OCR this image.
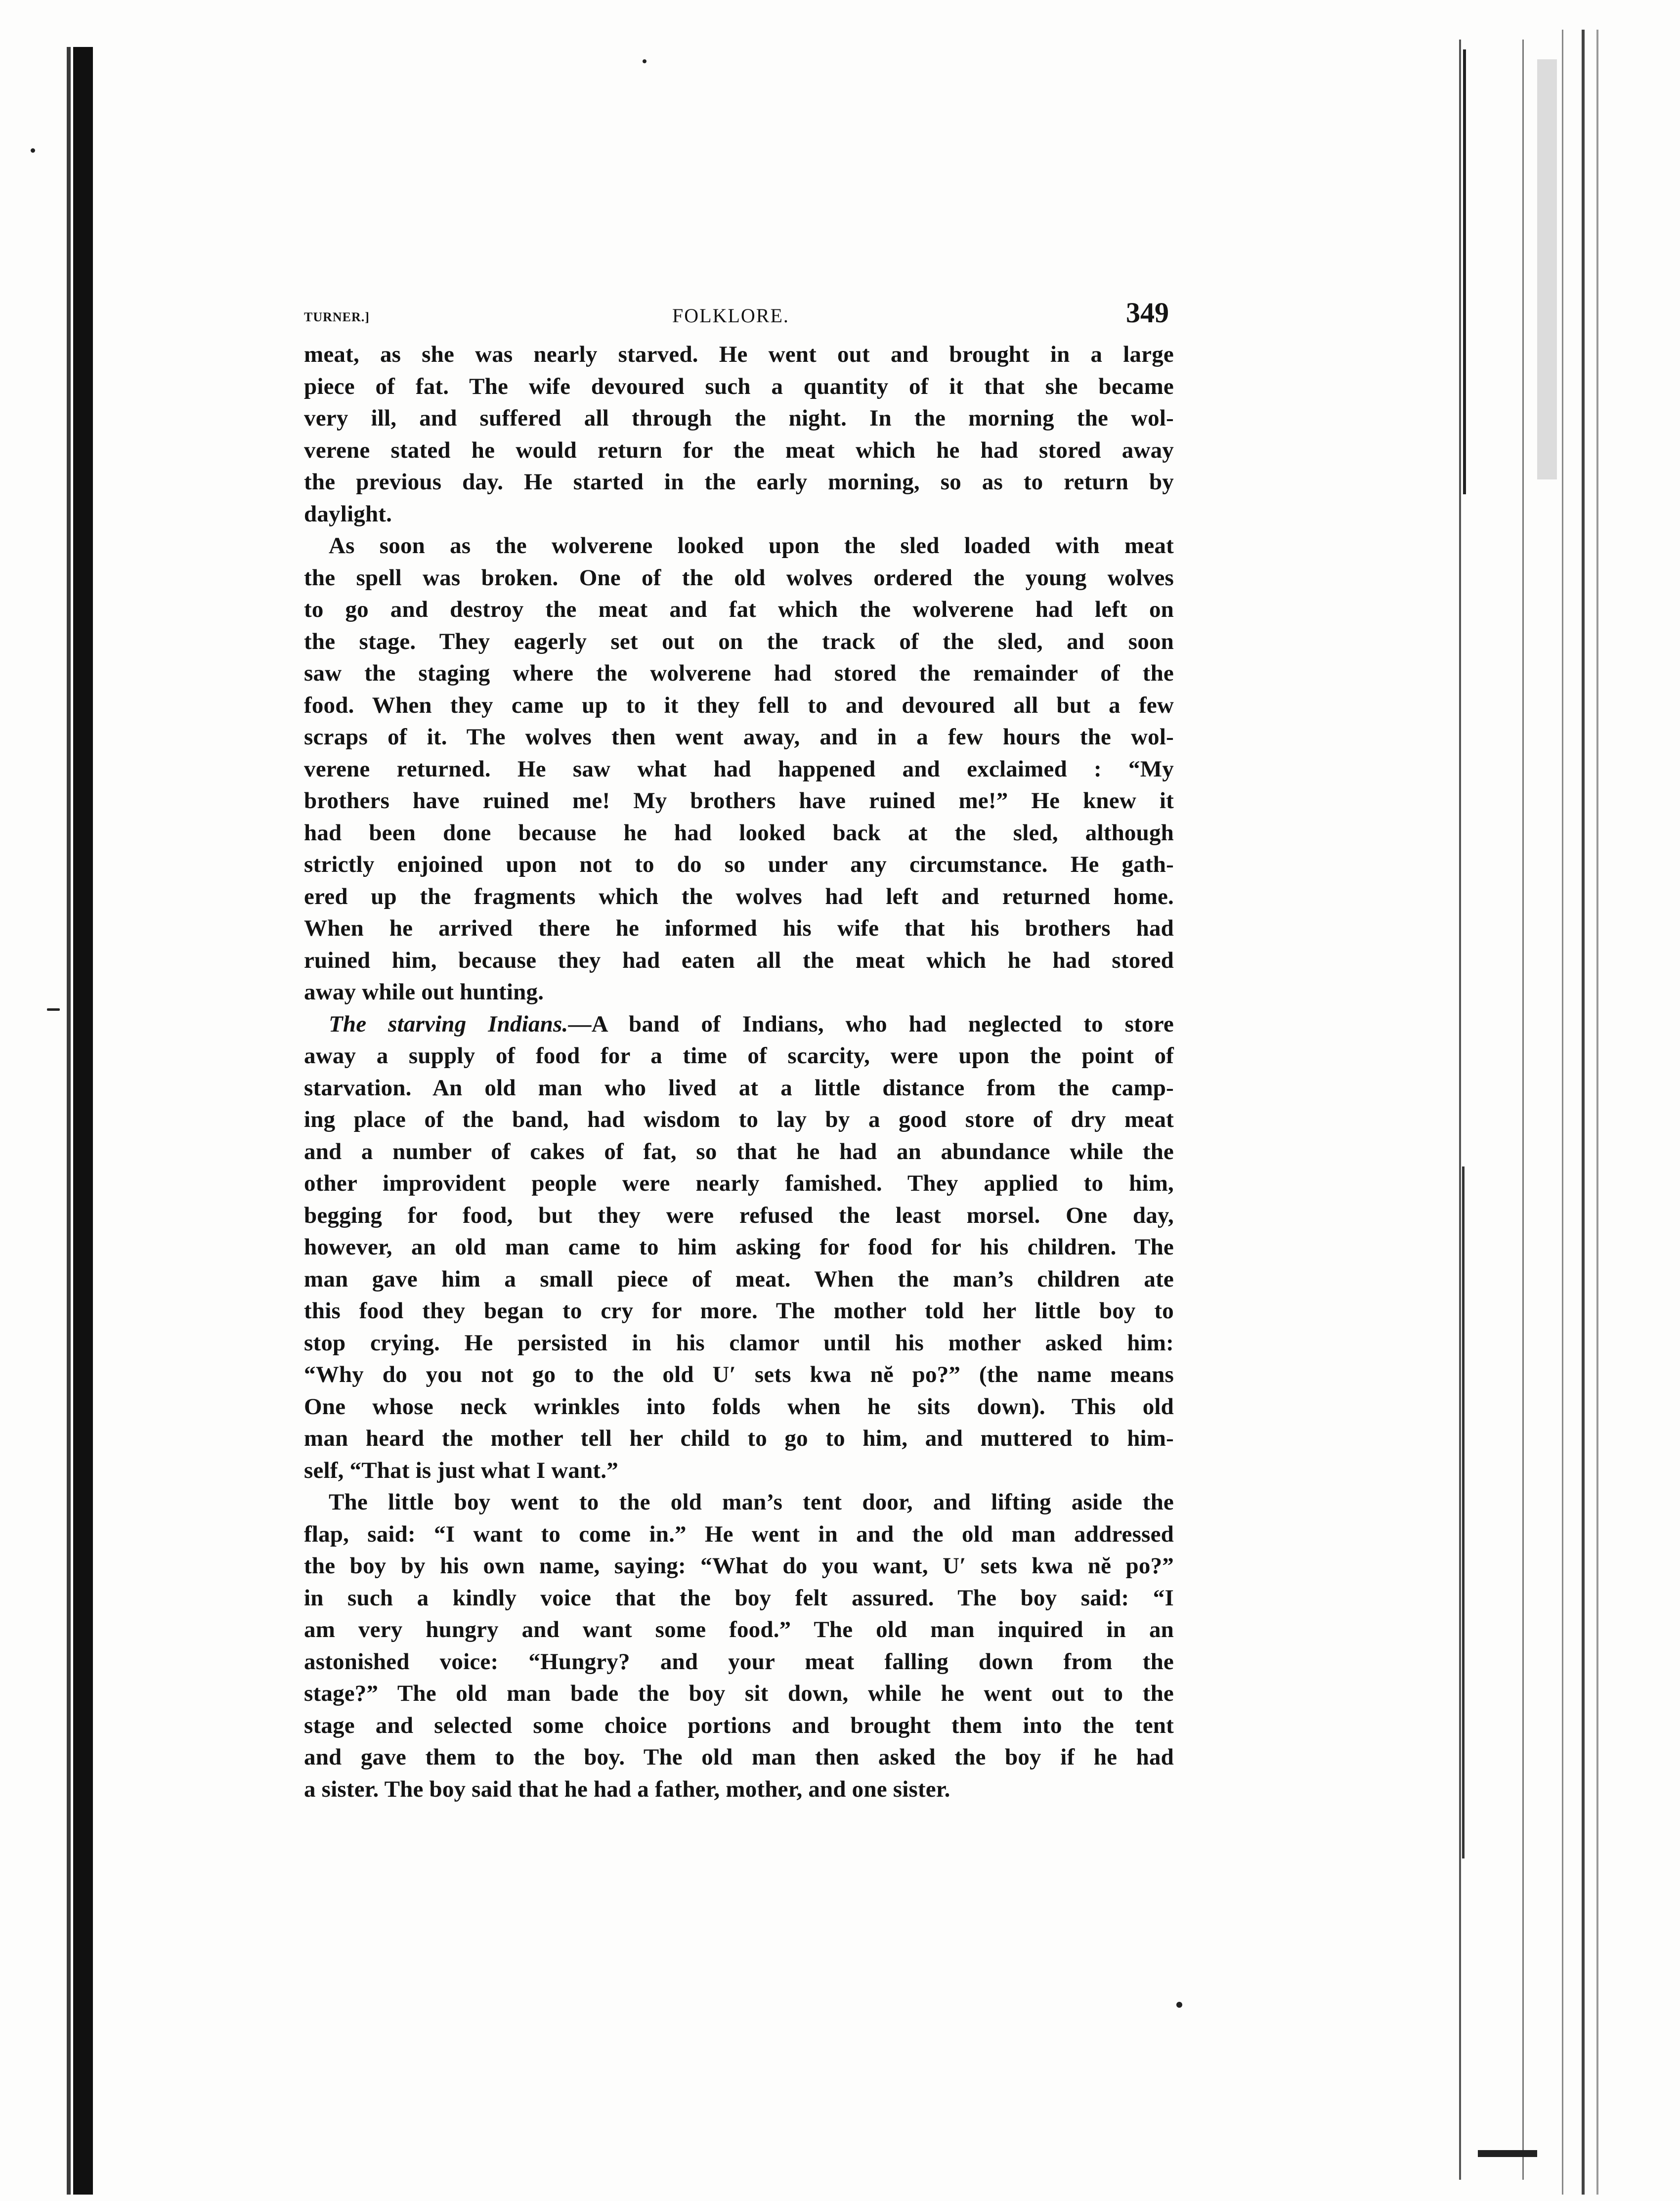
TURNER.]	FOLKLORE.	349
meat, as she was nearly starved. He went out and brought in a large
piece of fat. The wife devoured such a quantity of it that she became
very ill, and suffered all through the night. In the morning the wol-
verene stated he would return for the meat which he had stored away
the previous day. He started in the early morning, so as to return by
daylight.
As soon as the wolverene looked upon the sled loaded with meat
the spell was broken. One of the old wolves ordered the young wolves
to go and destroy the meat and fat which the wolverene had left on
the stage. They eagerly set out on the track of the sled, and soon
saw the staging where the wolverene had stored the remainder of the
food. When they came up to it they fell to and devoured all but a few
scraps of it. The wolves then went away, and in a few hours the wol-
verene returned. He saw what had happened and exclaimed : “My
brothers have ruined me! My brothers have ruined me!” He knew it
had been done because he had looked back at the sled, although
strictly enjoined upon not to do so under any circumstance. He gath-
ered up the fragments which the wolves had left and returned home.
When he arrived there he informed his wife that his brothers had
ruined him, because they had eaten all the meat which he had stored
away while out hunting.
The starving Indians.—A band of Indians, who had neglected to store
away a supply of food for a time of scarcity, were upon the point of
starvation. An old man who lived at a little distance from the camp-
ing place of the band, had wisdom to lay by a good store of dry meat
and a number of cakes of fat, so that he had an abundance while the
other improvident people were nearly famished. They applied to him,
begging for food, but they were refused the least morsel. One day,
however, an old man came to him asking for food for his children. The
man gave him a small piece of meat. When the man’s children ate
this food they began to cry for more. The mother told her little boy to
stop crying. He persisted in his clamor until his mother asked him:
“Why do you not go to the old U′ sets kwa nĕ po?” (the name means
One whose neck wrinkles into folds when he sits down). This old
man heard the mother tell her child to go to him, and muttered to him-
self, “That is just what I want.”
The little boy went to the old man’s tent door, and lifting aside the
flap, said: “I want to come in.” He went in and the old man addressed
the boy by his own name, saying: “What do you want, U′ sets kwa nĕ po?”
in such a kindly voice that the boy felt assured. The boy said: “I
am very hungry and want some food.” The old man inquired in an
astonished voice: “Hungry? and your meat falling down from the
stage?” The old man bade the boy sit down, while he went out to the
stage and selected some choice portions and brought them into the tent
and gave them to the boy. The old man then asked the boy if he had
a sister. The boy said that he had a father, mother, and one sister.
